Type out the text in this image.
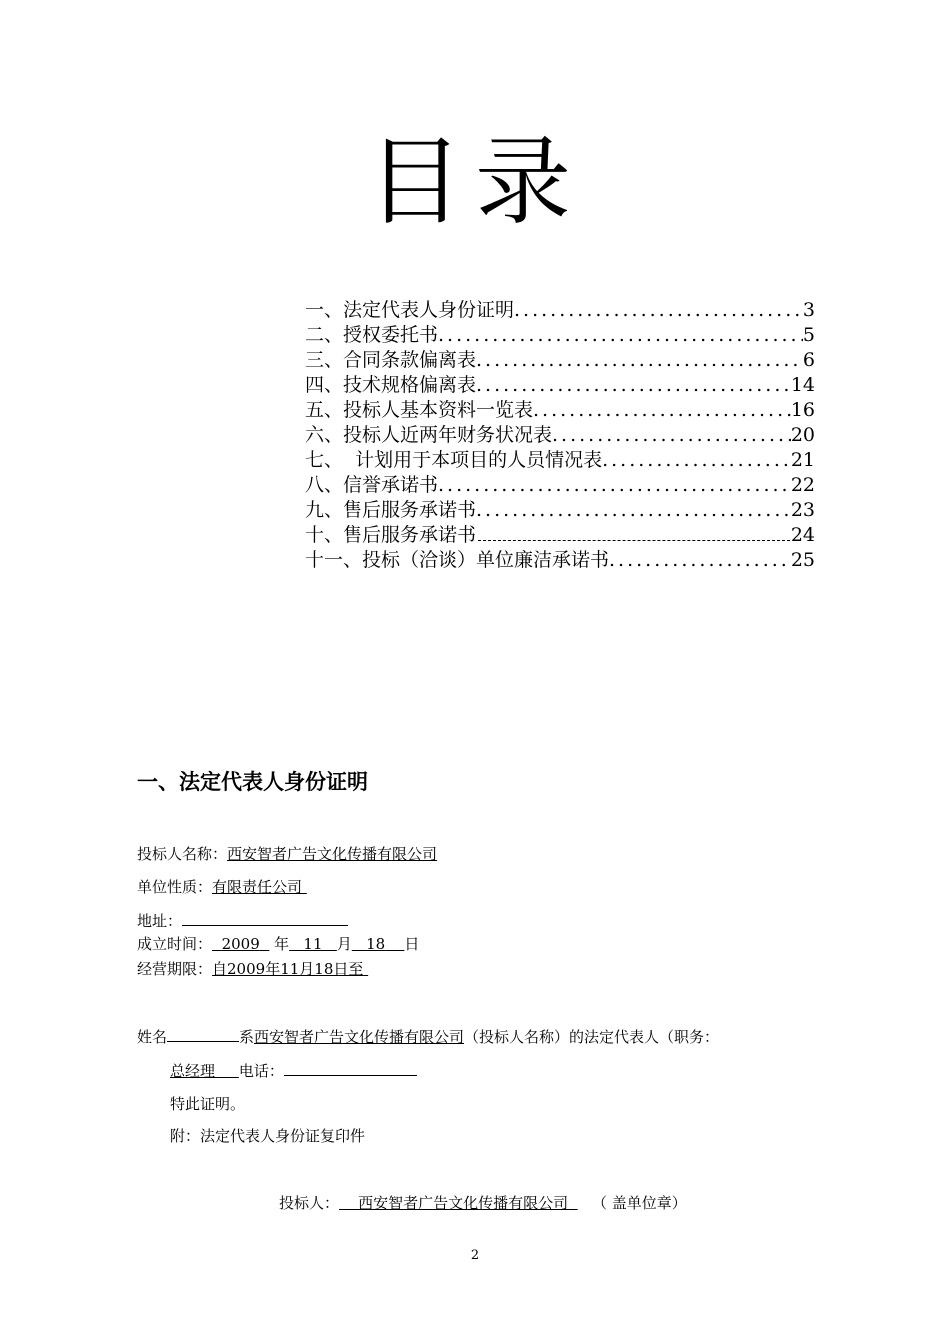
目录
一、法定代表人身份证明 .....	3
二、授权委托书 .....	5
三、合同条款偏离表 .....	6
四、技术规格偏离表 .....	14
五、投标人基本资料一览表 .....	16
六、投标人近两年财务状况表 .....	20
七、  计划用于本项目的人员情况表 .....	21
八、信誉承诺书 .....	22
九、售后服务承诺书 .....	23
十、售后服务承诺书	24
十一、投标（洽谈）单位廉洁承诺书 .....	25
一、法定代表人身份证明
投标人名称：西安智者广告文化传播有限公司
单位性质：有限责任公司
地址：
成立时间： 2009 年 11 月 18 日
经营期限：自2009年11月18日至
姓名	系西安智者广告文化传播有限公司（投标人名称）的法定代表人（职务：
总经理 电话：
特此证明。
附：法定代表人身份证复印件
投标人： 西安智者广告文化传播有限公司 （ 盖单位章）
2
